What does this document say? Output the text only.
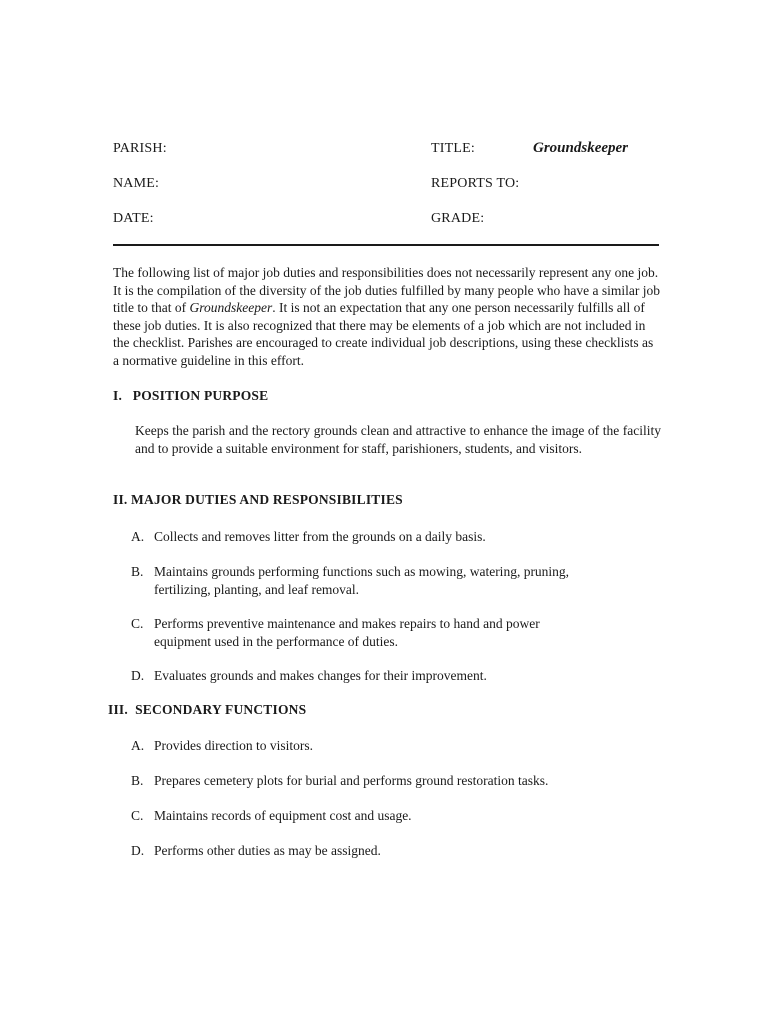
PARISH:
NAME:
DATE:
TITLE:	Groundskeeper
REPORTS TO:
GRADE:
The following list of major job duties and responsibilities does not necessarily represent any one job. It is the compilation of the diversity of the job duties fulfilled by many people who have a similar job title to that of Groundskeeper. It is not an expectation that any one person necessarily fulfills all of these job duties. It is also recognized that there may be elements of a job which are not included in the checklist. Parishes are encouraged to create individual job descriptions, using these checklists as a normative guideline in this effort.
I.   POSITION PURPOSE
Keeps the parish and the rectory grounds clean and attractive to enhance the image of the facility and to provide a suitable environment for staff, parishioners, students, and visitors.
II. MAJOR DUTIES AND RESPONSIBILITIES
A. Collects and removes litter from the grounds on a daily basis.
B. Maintains grounds performing functions such as mowing, watering, pruning, fertilizing, planting, and leaf removal.
C. Performs preventive maintenance and makes repairs to hand and power equipment used in the performance of duties.
D. Evaluates grounds and makes changes for their improvement.
III.  SECONDARY FUNCTIONS
A. Provides direction to visitors.
B. Prepares cemetery plots for burial and performs ground restoration tasks.
C. Maintains records of equipment cost and usage.
D. Performs other duties as may be assigned.
